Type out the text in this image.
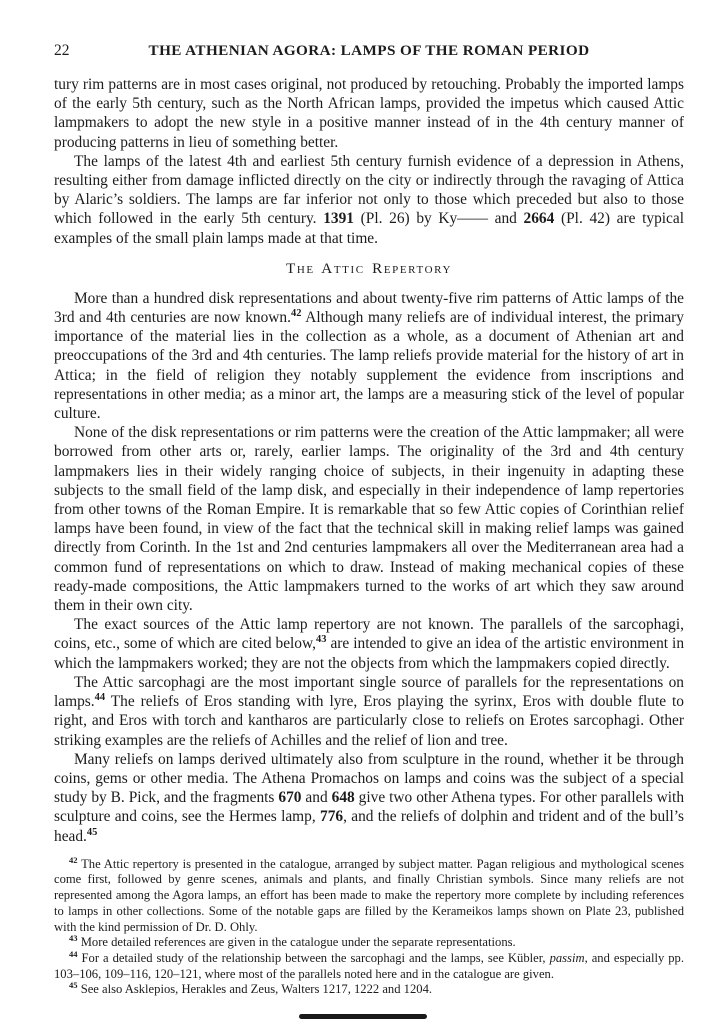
22	THE ATHENIAN AGORA: LAMPS OF THE ROMAN PERIOD

tury rim patterns are in most cases original, not produced by retouching. Probably the imported lamps of the early 5th century, such as the North African lamps, provided the impetus which caused Attic lampmakers to adopt the new style in a positive manner instead of in the 4th century manner of producing patterns in lieu of something better.

The lamps of the latest 4th and earliest 5th century furnish evidence of a depression in Athens, resulting either from damage inflicted directly on the city or indirectly through the ravaging of Attica by Alaric’s soldiers. The lamps are far inferior not only to those which preceded but also to those which followed in the early 5th century. 1391 (Pl. 26) by Ky—— and 2664 (Pl. 42) are typical examples of the small plain lamps made at that time.

The Attic Repertory

More than a hundred disk representations and about twenty-five rim patterns of Attic lamps of the 3rd and 4th centuries are now known.$^{42}$ Although many reliefs are of individual interest, the primary importance of the material lies in the collection as a whole, as a document of Athenian art and preoccupations of the 3rd and 4th centuries. The lamp reliefs provide material for the history of art in Attica; in the field of religion they notably supplement the evidence from inscriptions and representations in other media; as a minor art, the lamps are a measuring stick of the level of popular culture.

None of the disk representations or rim patterns were the creation of the Attic lampmaker; all were borrowed from other arts or, rarely, earlier lamps. The originality of the 3rd and 4th century lampmakers lies in their widely ranging choice of subjects, in their ingenuity in adapting these subjects to the small field of the lamp disk, and especially in their independence of lamp repertories from other towns of the Roman Empire. It is remarkable that so few Attic copies of Corinthian relief lamps have been found, in view of the fact that the technical skill in making relief lamps was gained directly from Corinth. In the 1st and 2nd centuries lampmakers all over the Mediterranean area had a common fund of representations on which to draw. Instead of making mechanical copies of these ready-made compositions, the Attic lampmakers turned to the works of art which they saw around them in their own city.

The exact sources of the Attic lamp repertory are not known. The parallels of the sarcophagi, coins, etc., some of which are cited below,$^{43}$ are intended to give an idea of the artistic environment in which the lampmakers worked; they are not the objects from which the lampmakers copied directly.

The Attic sarcophagi are the most important single source of parallels for the representations on lamps.$^{44}$ The reliefs of Eros standing with lyre, Eros playing the syrinx, Eros with double flute to right, and Eros with torch and kantharos are particularly close to reliefs on Erotes sarcophagi. Other striking examples are the reliefs of Achilles and the relief of lion and tree.

Many reliefs on lamps derived ultimately also from sculpture in the round, whether it be through coins, gems or other media. The Athena Promachos on lamps and coins was the subject of a special study by B. Pick, and the fragments 670 and 648 give two other Athena types. For other parallels with sculpture and coins, see the Hermes lamp, 776, and the reliefs of dolphin and trident and of the bull’s head.$^{45}$

$^{42}$ The Attic repertory is presented in the catalogue, arranged by subject matter. Pagan religious and mythological scenes come first, followed by genre scenes, animals and plants, and finally Christian symbols. Since many reliefs are not represented among the Agora lamps, an effort has been made to make the repertory more complete by including references to lamps in other collections. Some of the notable gaps are filled by the Kerameikos lamps shown on Plate 23, published with the kind permission of Dr. D. Ohly.

$^{43}$ More detailed references are given in the catalogue under the separate representations.

$^{44}$ For a detailed study of the relationship between the sarcophagi and the lamps, see Kübler, passim, and especially pp. 103–106, 109–116, 120–121, where most of the parallels noted here and in the catalogue are given.

$^{45}$ See also Asklepios, Herakles and Zeus, Walters 1217, 1222 and 1204.
